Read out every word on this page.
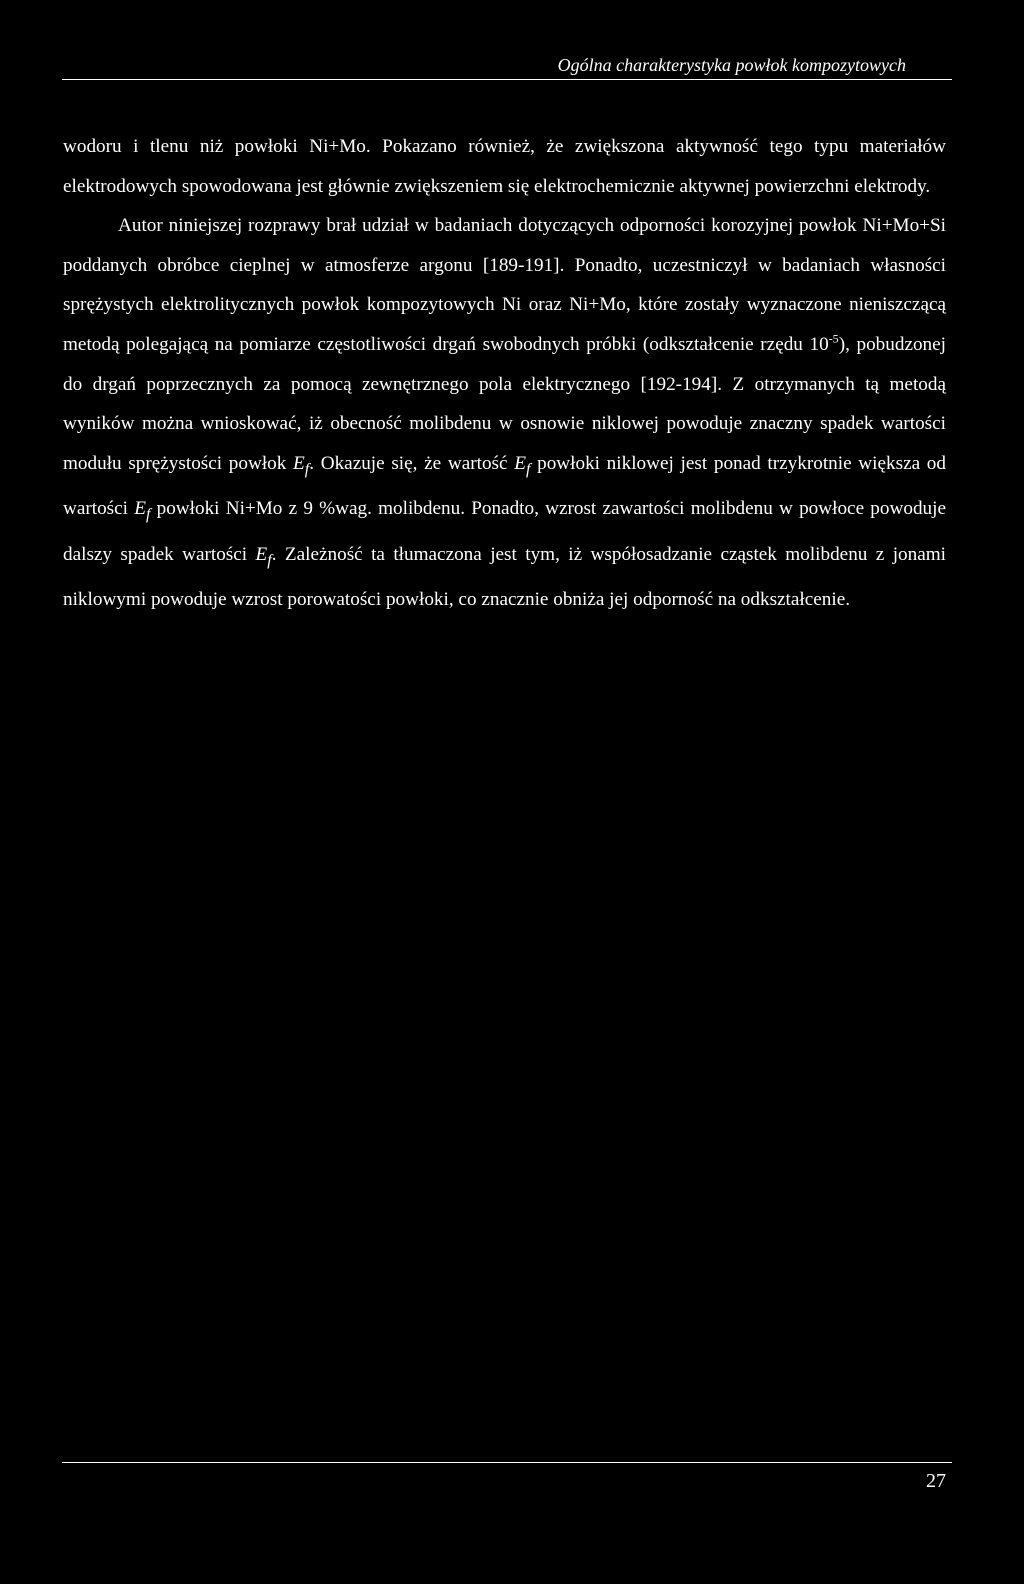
Ogólna charakterystyka powłok kompozytowych

wodoru i tlenu niż powłoki Ni+Mo. Pokazano również, że zwiększona aktywność tego typu materiałów elektrodowych spowodowana jest głównie zwiększeniem się elektrochemicznie aktywnej powierzchni elektrody.

Autor niniejszej rozprawy brał udział w badaniach dotyczących odporności korozyjnej powłok Ni+Mo+Si poddanych obróbce cieplnej w atmosferze argonu [189-191]. Ponadto, uczestniczył w badaniach własności sprężystych elektrolitycznych powłok kompozytowych Ni oraz Ni+Mo, które zostały wyznaczone nieniszczącą metodą polegającą na pomiarze częstotliwości drgań swobodnych próbki (odkształcenie rzędu $10^{-5}$), pobudzonej do drgań poprzecznych za pomocą zewnętrznego pola elektrycznego [192-194]. Z otrzymanych tą metodą wyników można wnioskować, iż obecność molibdenu w osnowie niklowej powoduje znaczny spadek wartości modułu sprężystości powłok $E_f$. Okazuje się, że wartość $E_f$ powłoki niklowej jest ponad trzykrotnie większa od wartości $E_f$ powłoki Ni+Mo z 9 %wag. molibdenu. Ponadto, wzrost zawartości molibdenu w powłoce powoduje dalszy spadek wartości $E_f$. Zależność ta tłumaczona jest tym, iż współosadzanie cząstek molibdenu z jonami niklowymi powoduje wzrost porowatości powłoki, co znacznie obniża jej odporność na odkształcenie.

27
